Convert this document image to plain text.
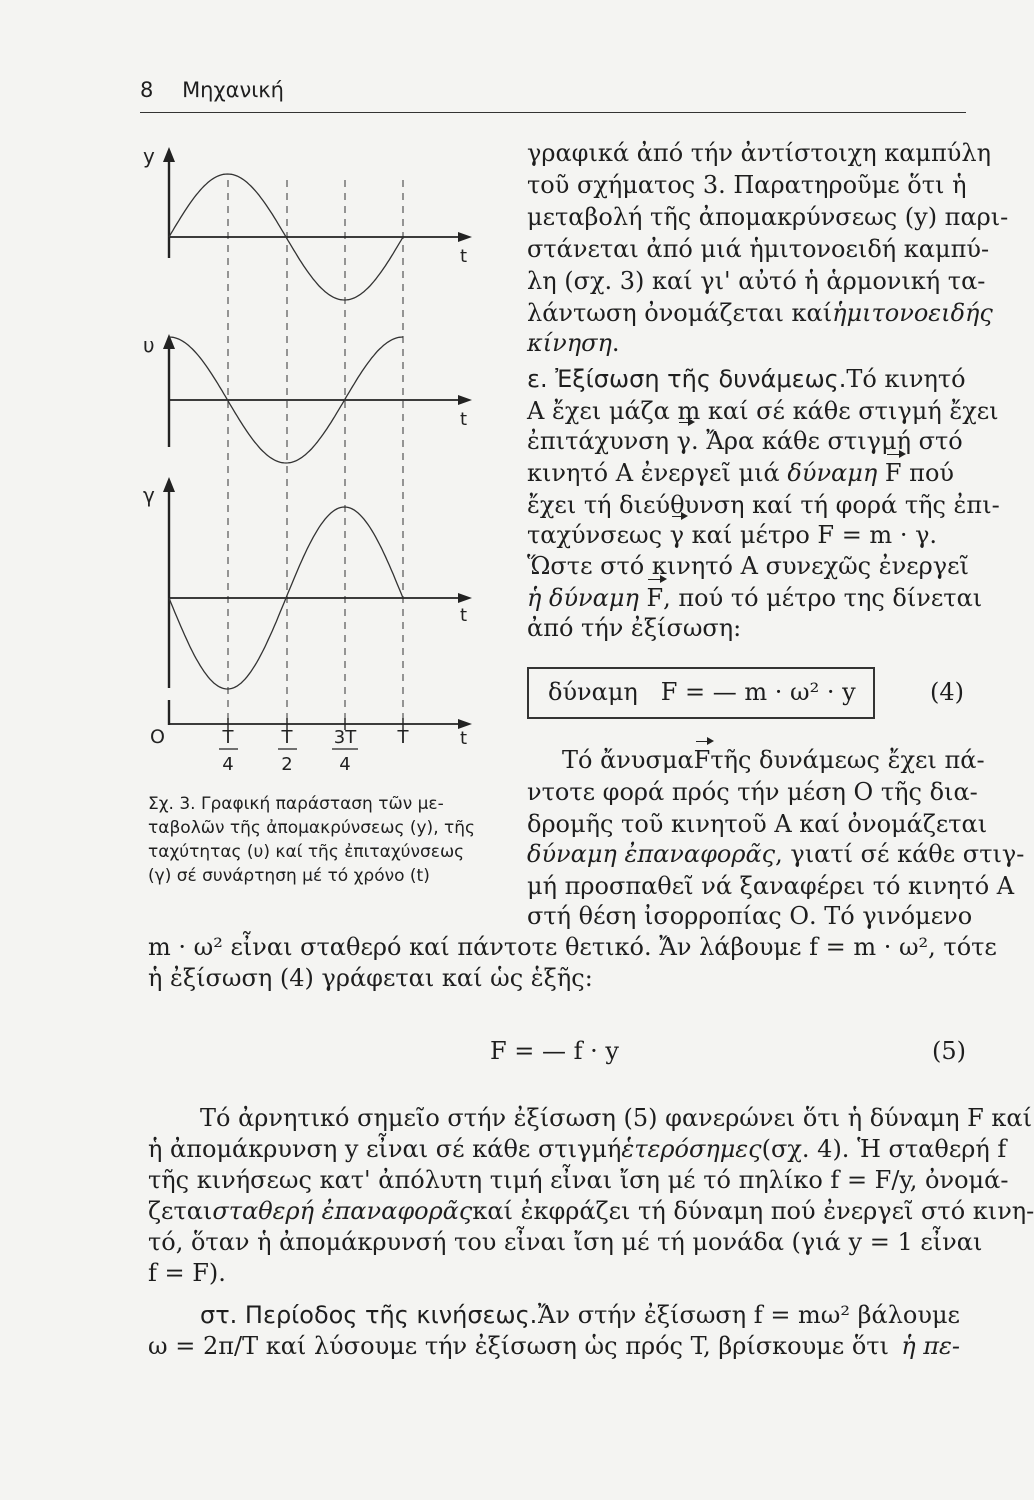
8 Μηχανική
y
υ
γ
t
t
t
t
O	T
4
T
2
3T
4
T
Σχ. 3. Γραφική παράσταση τῶν με-
ταβολῶν τῆς ἀπομακρύνσεως (y), τῆς
ταχύτητας (υ) καί τῆς ἐπιταχύνσεως
(γ) σέ συνάρτηση μέ τό χρόνο (t)
γραφικά ἀπό τήν ἀντίστοιχη καμπύλη
τοῦ σχήματος 3. Παρατηροῦμε ὅτι ἡ
μεταβολή τῆς ἀπομακρύνσεως (y) παρι-
στάνεται ἀπό μιά ἡμιτονοειδή καμπύ-
λη (σχ. 3) καί γι' αὐτό ἡ ἁρμονική τα-
λάντωση ὀνομάζεται καί ἡμιτονοειδής
κίνηση.
ε. Ἐξίσωση τῆς δυνάμεως. Τό κινητό
Α ἔχει μάζα m καί σέ κάθε στιγμή ἔχει
ἐπιτάχυνση γ . Ἄρα κάθε στιγμή στό
κινητό Α ἐνεργεῖ μιά δύναμη F πού
ἔχει τή διεύθυνση καί τή φορά τῆς ἐπι-
ταχύνσεως γ καί μέτρο F = m · γ.
Ὥστε στό κινητό Α συνεχῶς ἐνεργεῖ
ἡ δύναμη F, πού τό μέτρο της δίνεται
ἀπό τήν ἐξίσωση:
δύναμη   F = — m · ω² · y	(4)
Τό ἄνυσμα F τῆς δυνάμεως ἔχει πά-
ντοτε φορά πρός τήν μέση Ο τῆς δια-
δρομῆς τοῦ κινητοῦ Α καί ὀνομάζεται
δύναμη ἐπαναφορᾶς , γιατί σέ κάθε στιγ-
μή προσπαθεῖ νά ξαναφέρει τό κινητό Α
στή θέση ἰσορροπίας Ο. Τό γινόμενο
m · ω² εἶναι σταθερό καί πάντοτε θετικό. Ἄν λάβουμε f = m · ω², τότε
ἡ ἐξίσωση (4) γράφεται καί ὡς ἑξῆς:
F = — f · y	(5)
Τό ἀρνητικό σημεῖο στήν ἐξίσωση (5) φανερώνει ὅτι ἡ δύναμη F καί
ἡ ἀπομάκρυνση y εἶναι σέ κάθε στιγμή ἑτερόσημες (σχ. 4). Ἡ σταθερή f
τῆς κινήσεως κατ' ἀπόλυτη τιμή εἶναι ἴση μέ τό πηλίκο f = F/y, ὀνομά-
ζεται σταθερή ἐπαναφορᾶς καί ἐκφράζει τή δύναμη πού ἐνεργεῖ στό κινη-
τό, ὅταν ἡ ἀπομάκρυνσή του εἶναι ἴση μέ τή μονάδα (γιά y = 1 εἶναι
f = F).
στ. Περίοδος τῆς κινήσεως. Ἄν στήν ἐξίσωση f = mω² βάλουμε
ω = 2π/T καί λύσουμε τήν ἐξίσωση ὡς πρός T, βρίσκουμε ὅτι ἡ πε-
